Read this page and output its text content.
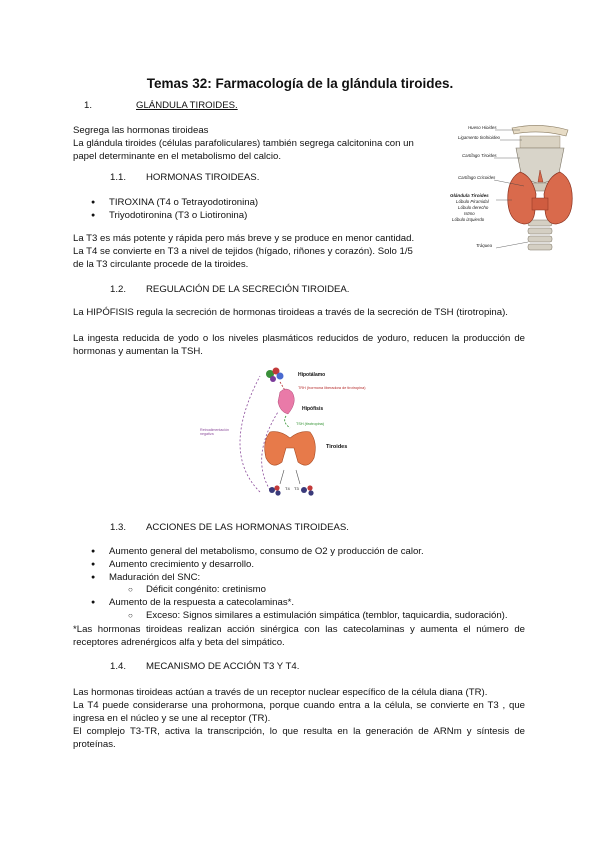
Temas 32: Farmacología de la glándula tiroides.
1.	GLÁNDULA TIROIDES.
Segrega las hormonas tiroideas
La glándula tiroides (células parafoliculares) también segrega calcitonina con un
papel determinante en el metabolismo del calcio.
1.1. HORMONAS TIROIDEAS.
● TIROXINA (T4 o Tetrayodotironina)
● Triyodotironina (T3 o Liotironina)
La T3 es más potente y rápida pero más breve y se produce en menor cantidad.
La T4 se convierte en T3 a nivel de tejidos (hígado, riñones y corazón). Solo 1/5
de la T3 circulante procede de la tiroides.
Hueso Hioides
Ligamento tirohioideo
Cartílago Tiroides
Cartílago Cricoides
Glándula Tiroides
Lóbulo Piramidal
Lóbulo derecho
Istmo
Lóbulo izquierdo
Tráquea
1.2. REGULACIÓN DE LA SECRECIÓN TIROIDEA.
La HIPÓFISIS regula la secreción de hormonas tiroideas a través de la secreción de TSH (tirotropina).
La ingesta reducida de yodo o los niveles plasmáticos reducidos de yoduro, reducen la producción de hormonas y aumentan la TSH.
Hipotálamo
TRH (hormona liberadora de tirotropina)
Hipófisis
TSH (tirotropina)
Tiroides
Retroalimentación negativa
T4 T3
1.3. ACCIONES DE LAS HORMONAS TIROIDEAS.
● Aumento general del metabolismo, consumo de O2 y producción de calor.
● Aumento crecimiento y desarrollo.
● Maduración del SNC:
○ Déficit congénito: cretinismo
● Aumento de la respuesta a catecolaminas*.
○ Exceso: Signos similares a estimulación simpática (temblor, taquicardia, sudoración).
*Las hormonas tiroideas realizan acción sinérgica con las catecolaminas y aumenta el número de receptores adrenérgicos alfa y beta del simpático.
1.4. MECANISMO DE ACCIÓN T3 Y T4.
Las hormonas tiroideas actúan a través de un receptor nuclear específico de la célula diana (TR).
La T4 puede considerarse una prohormona, porque cuando entra a la célula, se convierte en T3 , que ingresa en el núcleo y se une al receptor (TR).
El complejo T3-TR, activa la transcripción, lo que resulta en la generación de ARNm y síntesis de proteínas.
